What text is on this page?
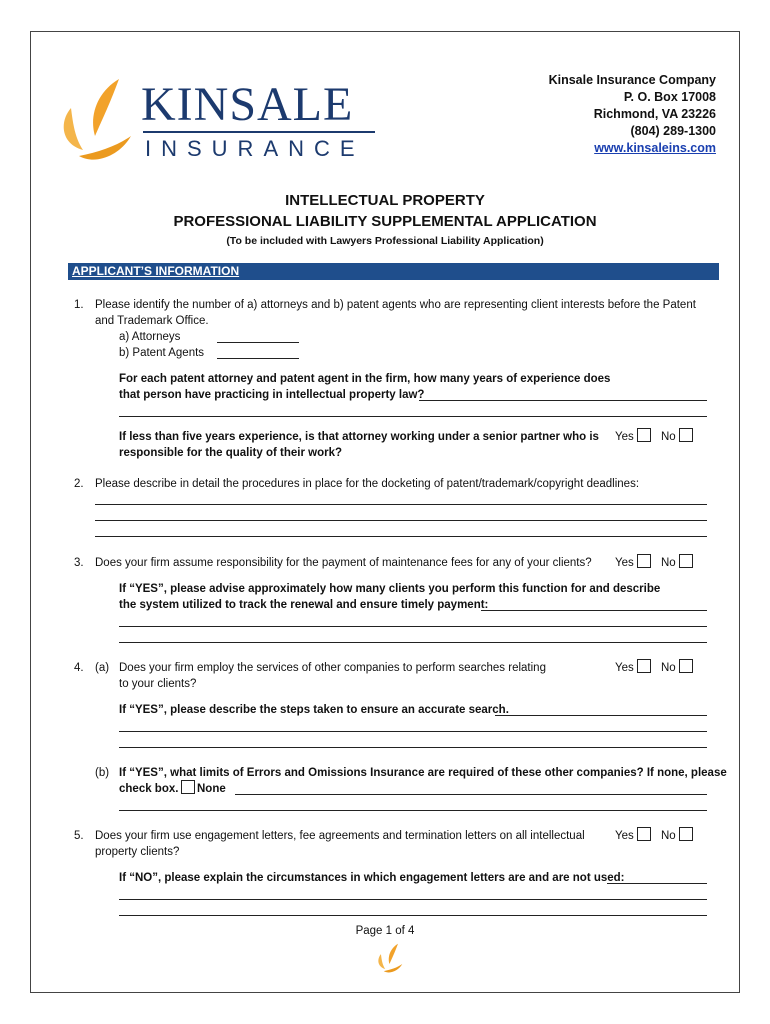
KINSALE
INSURANCE
Kinsale Insurance Company
P. O. Box 17008
Richmond, VA 23226
(804) 289-1300
www.kinsaleins.com
INTELLECTUAL PROPERTY
PROFESSIONAL LIABILITY SUPPLEMENTAL APPLICATION
(To be included with Lawyers Professional Liability Application)
APPLICANT’S INFORMATION
1. Please identify the number of a) attorneys and b) patent agents who are representing client interests before the Patent
and Trademark Office.
a) Attorneys
b) Patent Agents
For each patent attorney and patent agent in the firm, how many years of experience does
that person have practicing in intellectual property law?
If less than five years experience, is that attorney working under a senior partner who is
responsible for the quality of their work?
Yes No
2. Please describe in detail the procedures in place for the docketing of patent/trademark/copyright deadlines:
3. Does your firm assume responsibility for the payment of maintenance fees for any of your clients? Yes No
If “YES”, please advise approximately how many clients you perform this function for and describe
the system utilized to track the renewal and ensure timely payment:
4. (a) Does your firm employ the services of other companies to perform searches relating
to your clients?
Yes No
If “YES”, please describe the steps taken to ensure an accurate search.
(b) If “YES”, what limits of Errors and Omissions Insurance are required of these other companies? If none, please
check box. None
5. Does your firm use engagement letters, fee agreements and termination letters on all intellectual
property clients?
Yes No
If “NO”, please explain the circumstances in which engagement letters are and are not used:
Page 1 of 4
